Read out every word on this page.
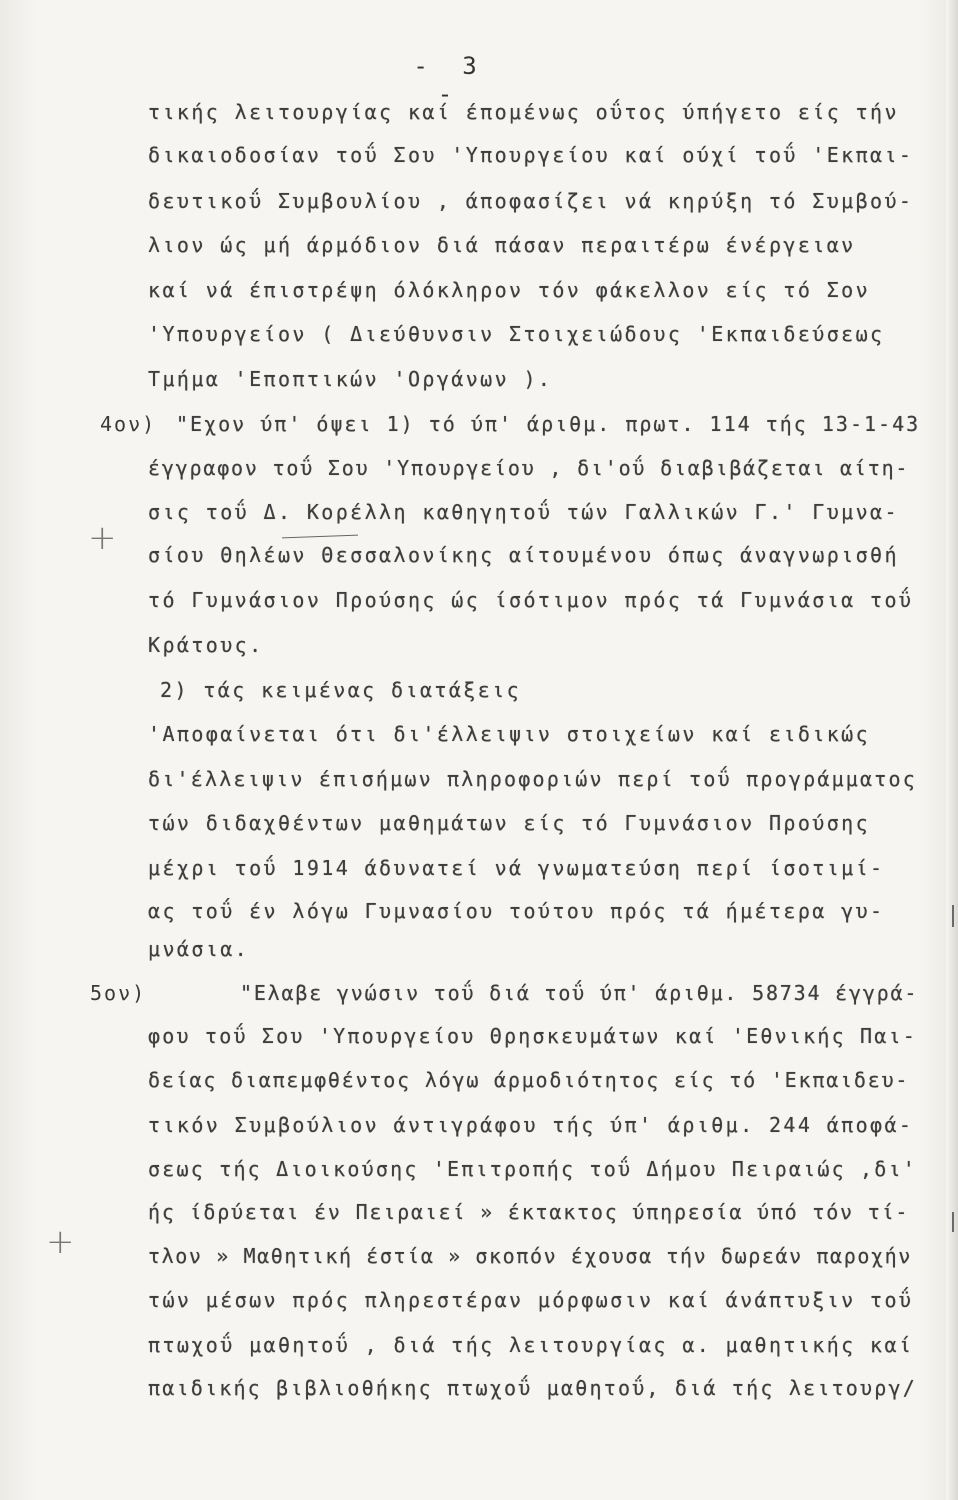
- 3 -
τικής λειτουργίας καί έπομένως οΰτος ύπήγετο είς τήν
δικαιοδοσίαν τοΰ Σου 'Υπουργείου καί ούχί τοΰ 'Εκπαι-
δευτικοΰ Συμβουλίου , άποφασίζει νά κηρύξη τό Συμβού-
λιον ώς μή άρμόδιον διά πάσαν περαιτέρω ένέργειαν
καί νά έπιστρέψη όλόκληρον τόν φάκελλον είς τό Σον
'Υπουργείον ( Διεύθυνσιν Στοιχειώδους 'Εκπαιδεύσεως
Τμήμα 'Εποπτικών 'Οργάνων ).
4ον) "Εχον ύπ' όψει 1) τό ύπ' άριθμ. πρωτ. 114 τής 13-1-43
έγγραφον τοΰ Σου 'Υπουργείου , δι'οΰ διαβιβάζεται αίτη-
σις τοΰ Δ. Κορέλλη καθηγητοΰ τών Γαλλικών Γ.' Γυμνα-
+ σίου Θηλέων Θεσσαλονίκης αίτουμένου όπως άναγνωρισθή
τό Γυμνάσιον Προύσης ώς ίσότιμον πρός τά Γυμνάσια τοΰ
Κράτους.
2) τάς κειμένας διατάξεις
'Αποφαίνεται ότι δι'έλλειψιν στοιχείων καί ειδικώς
δι'έλλειψιν έπισήμων πληροφοριών περί τοΰ προγράμματος
τών διδαχθέντων μαθημάτων είς τό Γυμνάσιον Προύσης
μέχρι τοΰ 1914 άδυνατεί νά γνωματεύση περί ίσοτιμί-
ας τοΰ έν λόγω Γυμνασίου τούτου πρός τά ήμέτερα γυ-
μνάσια.
5ον)	"Ελαβε γνώσιν τοΰ διά τοΰ ύπ' άριθμ. 58734 έγγρά-
φου τοΰ Σου 'Υπουργείου Θρησκευμάτων καί 'Εθνικής Παι-
δείας διαπεμφθέντος λόγω άρμοδιότητος είς τό 'Εκπαιδευ-
τικόν Συμβούλιον άντιγράφου τής ύπ' άριθμ. 244 άποφά-
σεως τής Διοικούσης 'Επιτροπής τοΰ Δήμου Πειραιώς ,δι'
ής ίδρύεται έν Πειραιεί » έκτακτος ύπηρεσία ύπό τόν τί-
+	τλον » Μαθητική έστία » σκοπόν έχουσα τήν δωρεάν παροχήν
τών μέσων πρός πληρεστέραν μόρφωσιν καί άνάπτυξιν τοΰ
πτωχοΰ μαθητοΰ , διά τής λειτουργίας α. μαθητικής καί
παιδικής βιβλιοθήκης πτωχοΰ μαθητοΰ, διά τής λειτουργ/
